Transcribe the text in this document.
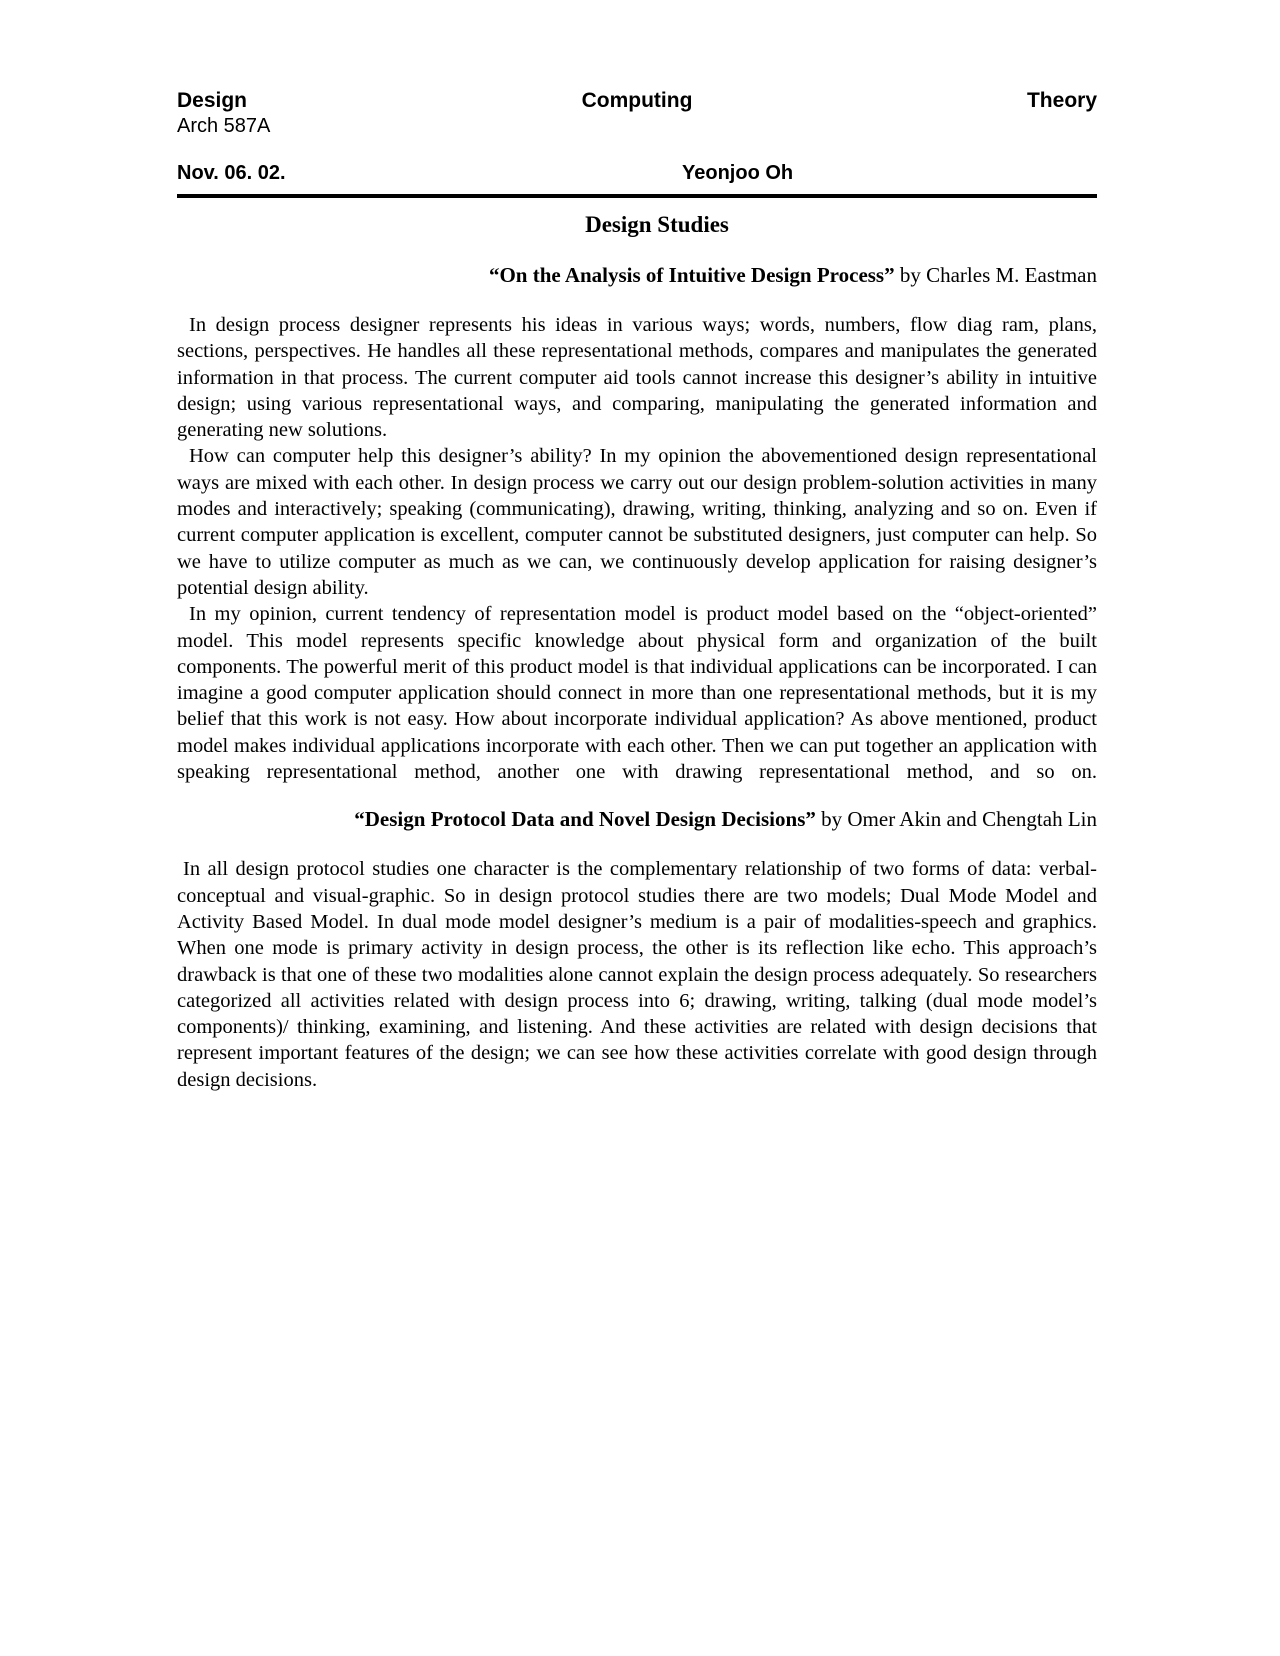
Design	Computing	Theory
Arch 587A
Nov. 06. 02.	Yeonjoo Oh
Design Studies
“On the Analysis of Intuitive Design Process” by Charles M. Eastman

In design process designer represents his ideas in various ways; words, numbers, flow diag ram, plans, sections, perspectives. He handles all these representational methods, compares and manipulates the generated information in that process. The current computer aid tools cannot increase this designer’s ability in intuitive design; using various representational ways, and comparing, manipulating the generated information and generating new solutions.

How can computer help this designer’s ability? In my opinion the abovementioned design representational ways are mixed with each other. In design process we carry out our design problem-solution activities in many modes and interactively; speaking (communicating), drawing, writing, thinking, analyzing and so on. Even if current computer application is excellent, computer cannot be substituted designers, just computer can help. So we have to utilize computer as much as we can, we continuously develop application for raising designer’s potential design ability.

In my opinion, current tendency of representation model is product model based on the “object-oriented” model. This model represents specific knowledge about physical form and organization of the built components. The powerful merit of this product model is that individual applications can be incorporated. I can imagine a good computer application should connect in more than one representational methods, but it is my belief that this work is not easy. How about incorporate individual application? As above mentioned, product model makes individual applications incorporate with each other. Then we can put together an application with speaking representational method, another one with drawing representational method, and so on.

“Design Protocol Data and Novel Design Decisions” by Omer Akin and Chengtah Lin

In all design protocol studies one character is the complementary relationship of two forms of data: verbal-conceptual and visual-graphic. So in design protocol studies there are two models; Dual Mode Model and Activity Based Model. In dual mode model designer’s medium is a pair of modalities-speech and graphics. When one mode is primary activity in design process, the other is its reflection like echo. This approach’s drawback is that one of these two modalities alone cannot explain the design process adequately. So researchers categorized all activities related with design process into 6; drawing, writing, talking (dual mode model’s components)/ thinking, examining, and listening. And these activities are related with design decisions that represent important features of the design; we can see how these activities correlate with good design through design decisions.
